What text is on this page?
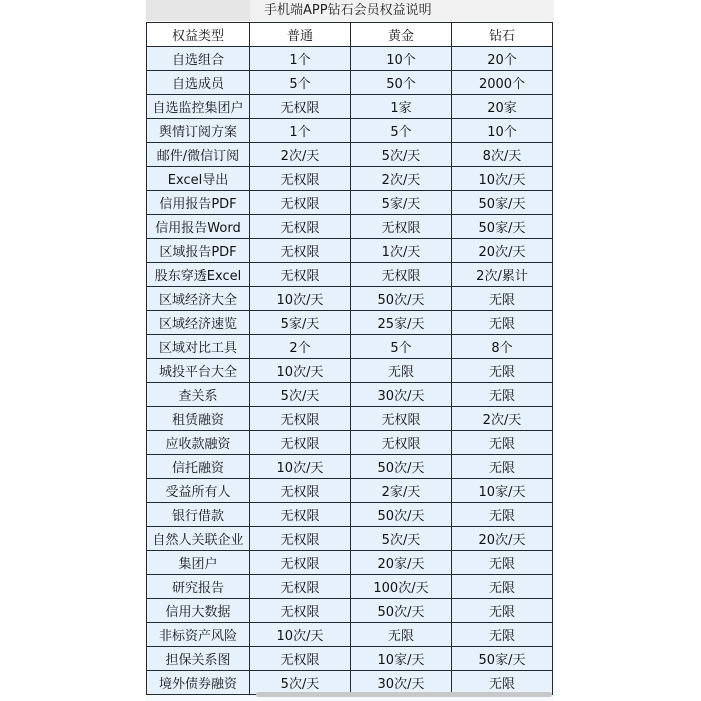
手机端APP钻石会员权益说明
权益类型	普通	黄金	钻石
自选组合	1个	10个	20个
自选成员	5个	50个	2000个
自选监控集团户	无权限	1家	20家
舆情订阅方案	1个	5个	10个
邮件/微信订阅	2次/天	5次/天	8次/天
Excel导出	无权限	2次/天	10次/天
信用报告PDF	无权限	5家/天	50家/天
信用报告Word	无权限	无权限	50家/天
区域报告PDF	无权限	1次/天	20次/天
股东穿透Excel	无权限	无权限	2次/累计
区域经济大全	10次/天	50次/天	无限
区域经济速览	5家/天	25家/天	无限
区域对比工具	2个	5个	8个
城投平台大全	10次/天	无限	无限
查关系	5次/天	30次/天	无限
租赁融资	无权限	无权限	2次/天
应收款融资	无权限	无权限	无限
信托融资	10次/天	50次/天	无限
受益所有人	无权限	2家/天	10家/天
银行借款	无权限	50次/天	无限
自然人关联企业	无权限	5次/天	20次/天
集团户	无权限	20家/天	无限
研究报告	无权限	100次/天	无限
信用大数据	无权限	50次/天	无限
非标资产风险	10次/天	无限	无限
担保关系图	无权限	10家/天	50家/天
境外债券融资	5次/天	30次/天	无限
